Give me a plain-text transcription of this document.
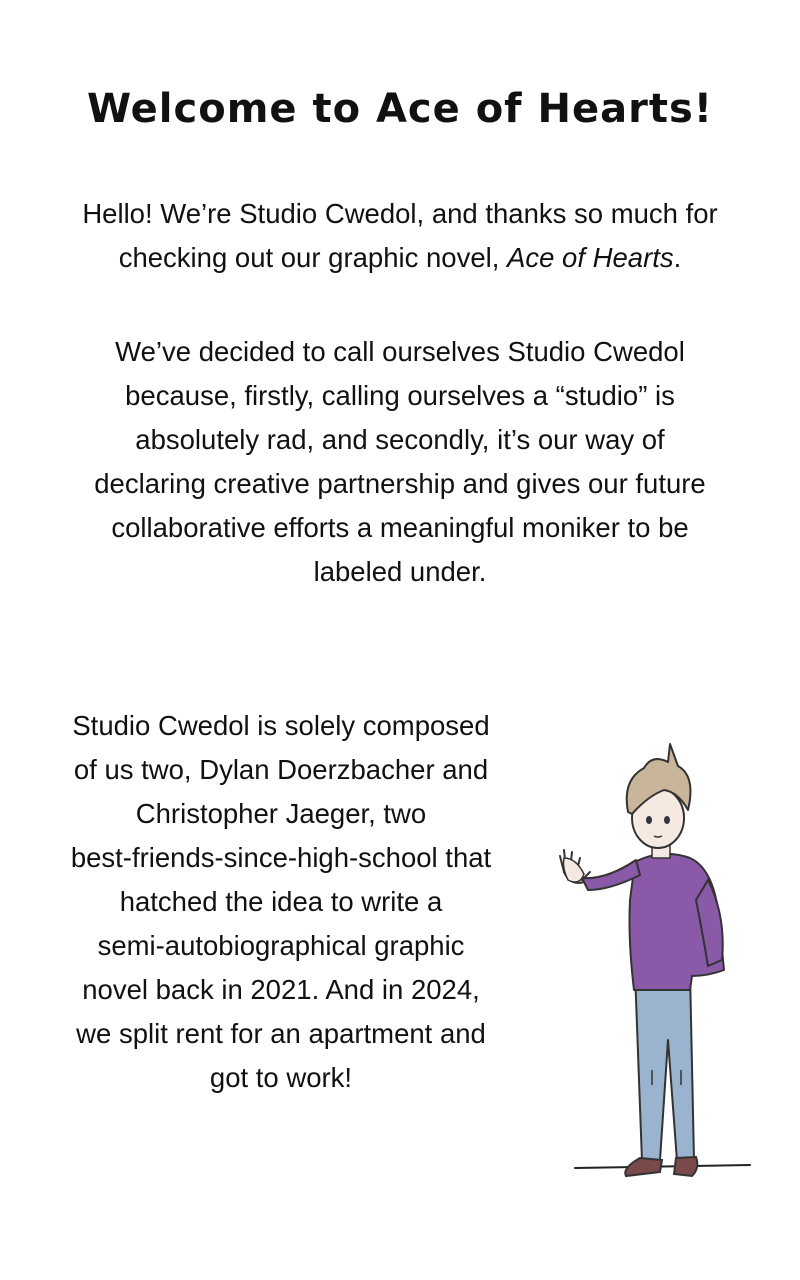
Welcome to Ace of Hearts!
Hello! We’re Studio Cwedol, and thanks so much for
checking out our graphic novel, Ace of Hearts.
We’ve decided to call ourselves Studio Cwedol
because, firstly, calling ourselves a “studio” is
absolutely rad, and secondly, it’s our way of
declaring creative partnership and gives our future
collaborative efforts a meaningful moniker to be
labeled under.
Studio Cwedol is solely composed
of us two, Dylan Doerzbacher and
Christopher Jaeger, two
best-friends-since-high-school that
hatched the idea to write a
semi-autobiographical graphic
novel back in 2021. And in 2024,
we split rent for an apartment and
got to work!
